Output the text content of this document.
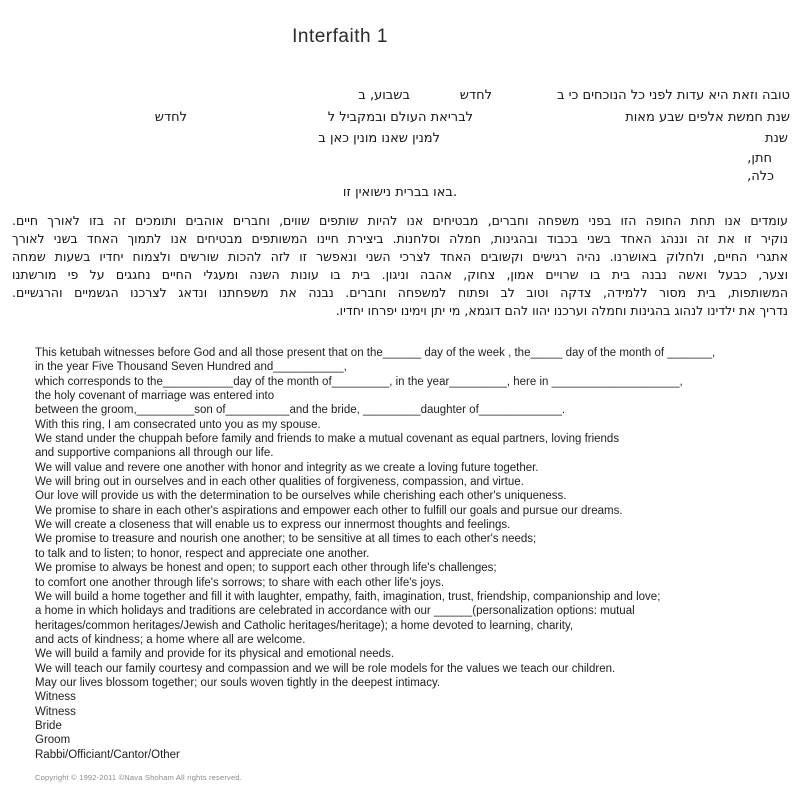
Interfaith 1
טובה וזאת היא עדות לפני כל הנוכחים כי ב
לחדש
בשבוע, ב
שנת חמשת אלפים שבע מאות
לבריאת העולם ובמקביל ל
לחדש
שנת
למנין שאנו מונין כאן ב
חתן,
כלה,
באו בברית נישואין זו.
עומדים אנו תחת החופה הזו בפני משפחה וחברים, מבטיחים אנו להיות שותפים שווים, וחברים אוהבים ותומכים זה בזו לאורך חיים.
נוקיר זו את זה וננהג האחד בשני בכבוד ובהגינות, חמלה וסלחנות. ביצירת חיינו המשותפים מבטיחים אנו לתמוך האחד בשני לאורך
אתגרי החיים, ולחלוק באושרנו. נהיה רגישים וקשובים האחד לצרכי השני ונאפשר זו לזה להכות שורשים ולצמוח יחדיו בשעות שמחה
וצער, כבעל ואשה נבנה בית בו שרויים אמון, צחוק, אהבה וניגון. בית בו עונות השנה ומעגלי החיים נחגגים על פי מורשתנו
המשותפות, בית מסור ללמידה, צדקה וטוב לב ופתוח למשפחה וחברים. נבנה את משפחתנו ונדאג לצרכנו הגשמיים והרגשיים.
נדריך את ילדינו לנהוג בהגינות וחמלה וערכנו יהוו להם דוגמא, מי יתן וימינו יפרחו יחדיו.
This ketubah witnesses before God and all those present that on the______ day of the week , the_____ day of the month of _______,
in the year Five Thousand Seven Hundred and___________,
which corresponds to the___________day of the month of_________, in the year_________, here in ____________________,
the holy covenant of marriage was entered into
between the groom,_________son of__________and the bride, _________daughter of_____________.
With this ring, I am consecrated unto you as my spouse.
We stand under the chuppah before family and friends to make a mutual covenant as equal partners, loving friends
and supportive companions all through our life.
We will value and revere one another with honor and integrity as we create a loving future together.
We will bring out in ourselves and in each other qualities of forgiveness, compassion, and virtue.
Our love will provide us with the determination to be ourselves while cherishing each other's uniqueness.
We promise to share in each other's aspirations and empower each other to fulfill our goals and pursue our dreams.
We will create a closeness that will enable us to express our innermost thoughts and feelings.
We promise to treasure and nourish one another; to be sensitive at all times to each other's needs;
to talk and to listen; to honor, respect and appreciate one another.
We promise to always be honest and open; to support each other through life's challenges;
to comfort one another through life's sorrows; to share with each other life's joys.
We will build a home together and fill it with laughter, empathy, faith, imagination, trust, friendship, companionship and love;
a home in which holidays and traditions are celebrated in accordance with our ______(personalization options: mutual
heritages/common heritages/Jewish and Catholic heritages/heritage); a home devoted to learning, charity,
and acts of kindness; a home where all are welcome.
We will build a family and provide for its physical and emotional needs.
We will teach our family courtesy and compassion and we will be role models for the values we teach our children.
May our lives blossom together; our souls woven tightly in the deepest intimacy.
Witness
Witness
Bride
Groom
Rabbi/Officiant/Cantor/Other
Copyright © 1992-2011 ©Nava Shoham All rights reserved.
